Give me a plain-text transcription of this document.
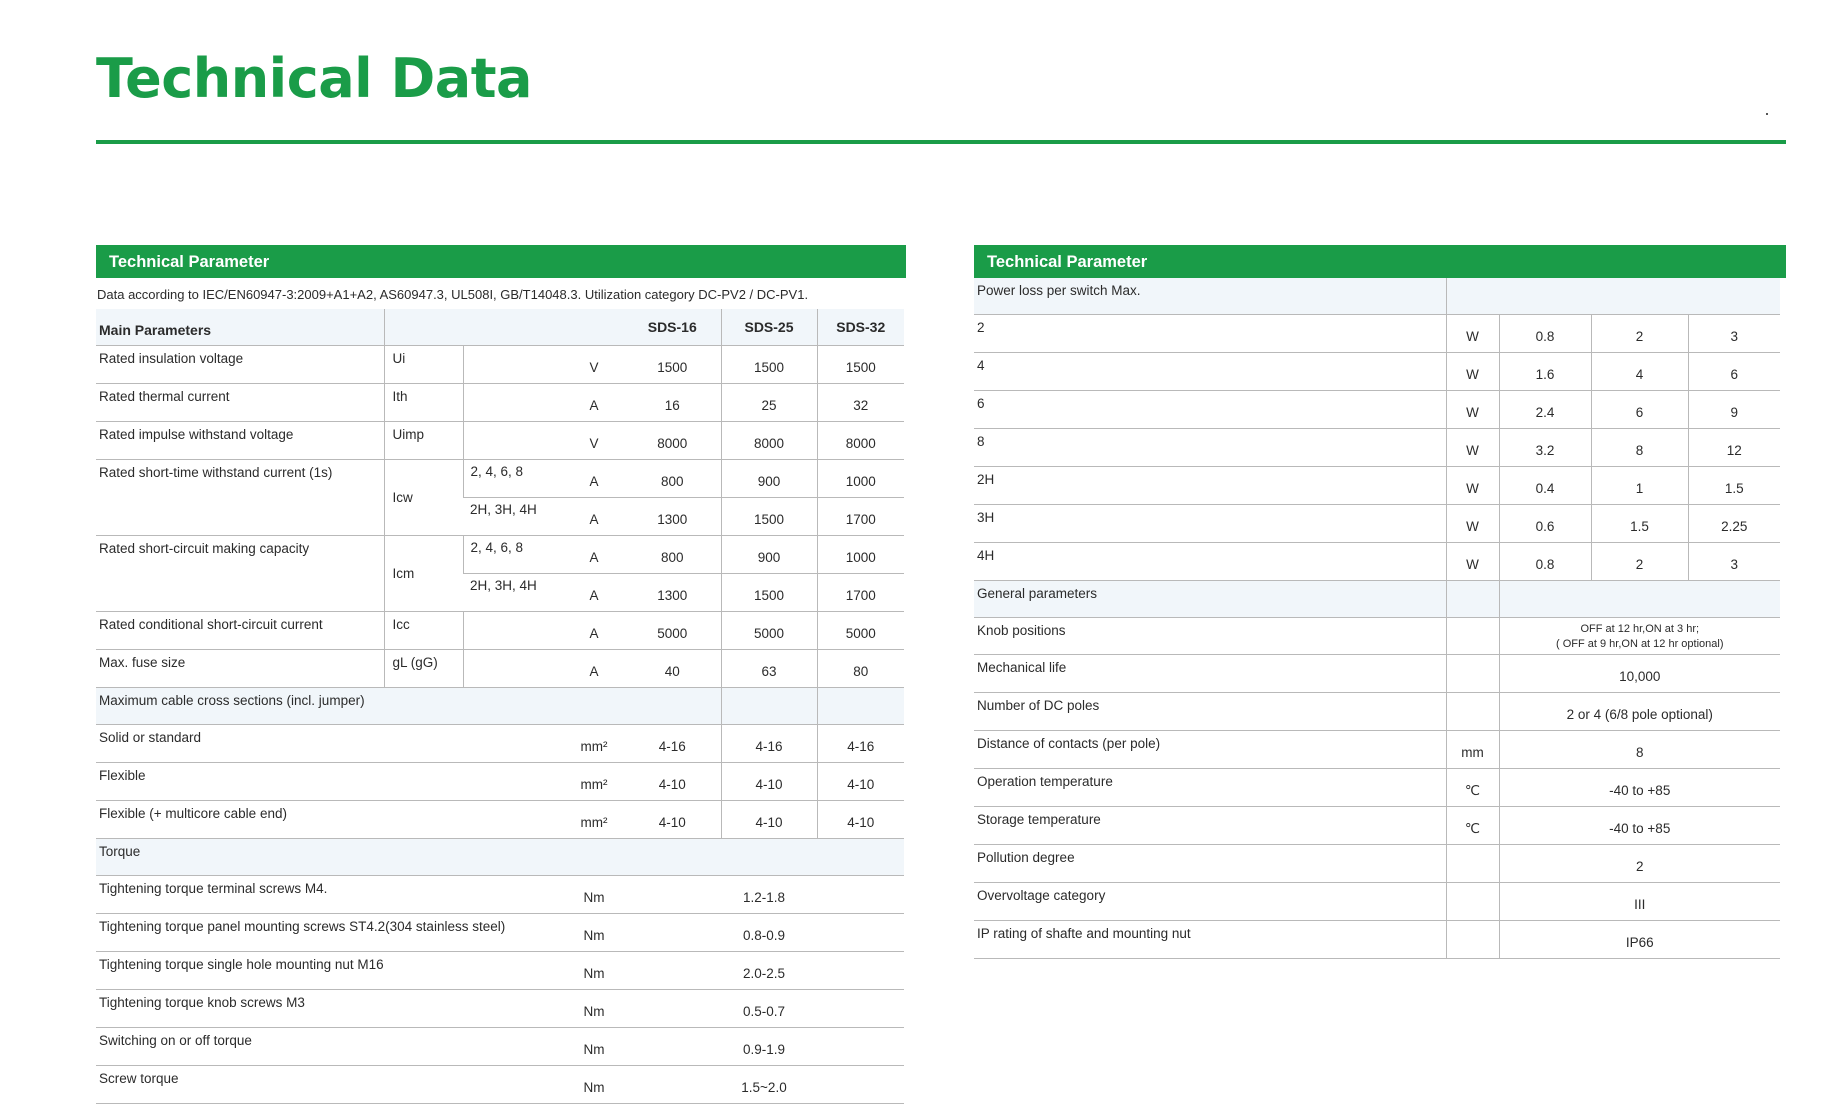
Technical Data
Technical Parameter
Data according to IEC/EN60947-3:2009+A1+A2, AS60947.3, UL508I, GB/T14048.3. Utilization category DC-PV2 / DC-PV1.
Main Parameters				SDS-16	SDS-25	SDS-32
Rated insulation voltage	Ui		V	1500	1500	1500
Rated thermal current	Ith		A	16	25	32
Rated impulse withstand voltage	Uimp		V	8000	8000	8000
Rated short-time withstand current (1s)	Icw	2, 4, 6, 8	A	800	900	1000
		2H, 3H, 4H	A	1300	1500	1700
Rated short-circuit making capacity	Icm	2, 4, 6, 8	A	800	900	1000
		2H, 3H, 4H	A	1300	1500	1700
Rated conditional short-circuit current	Icc		A	5000	5000	5000
Max. fuse size	gL (gG)		A	40	63	80
Maximum cable cross sections (incl. jumper)						
Solid or standard			mm²	4-16	4-16	4-16
Flexible			mm²	4-10	4-10	4-10
Flexible (+ multicore cable end)			mm²	4-10	4-10	4-10
Torque						
Tightening torque terminal screws M4.			Nm	1.2-1.8		
Tightening torque panel mounting screws ST4.2(304 stainless steel)			Nm	0.8-0.9		
Tightening torque single hole mounting nut M16			Nm	2.0-2.5		
Tightening torque knob screws M3			Nm	0.5-0.7		
Switching on or off torque			Nm	0.9-1.9		
Screw torque			Nm	1.5~2.0		
Technical Parameter
Power loss per switch Max.				
2	W	0.8	2	3
4	W	1.6	4	6
6	W	2.4	6	9
8	W	3.2	8	12
2H	W	0.4	1	1.5
3H	W	0.6	1.5	2.25
4H	W	0.8	2	3
General parameters				
Knob positions		OFF at 12 hr,ON at 3 hr;
( OFF at 9 hr,ON at 12 hr optional)		
Mechanical life		10,000		
Number of DC poles		2 or 4 (6/8 pole optional)		
Distance of contacts (per pole)	mm	8		
Operation temperature	℃	-40 to +85		
Storage temperature	℃	-40 to +85		
Pollution degree		2		
Overvoltage category		III		
IP rating of shafte and mounting nut		IP66		
